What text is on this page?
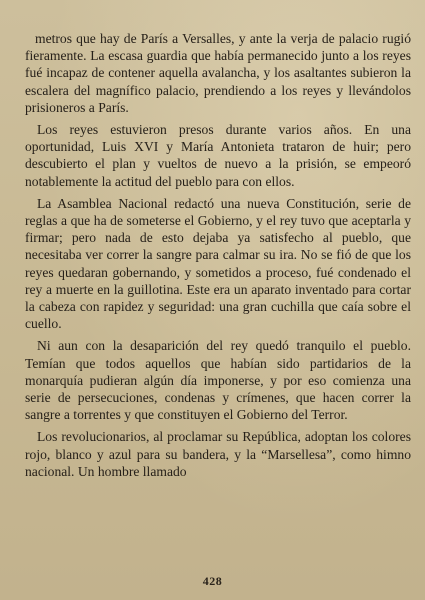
metros que hay de París a Versalles, y ante la verja de palacio rugió fieramente. La escasa guardia que había permanecido junto a los reyes fué incapaz de contener aquella avalancha, y los asaltantes subieron la escalera del magnífico palacio, prendiendo a los reyes y llevándolos prisioneros a París.

Los reyes estuvieron presos durante varios años. En una oportunidad, Luis XVI y María Antonieta trataron de huir; pero descubierto el plan y vueltos de nuevo a la prisión, se empeoró notablemente la actitud del pueblo para con ellos.

La Asamblea Nacional redactó una nueva Constitución, serie de reglas a que ha de someterse el Gobierno, y el rey tuvo que aceptarla y firmar; pero nada de esto dejaba ya satisfecho al pueblo, que necesitaba ver correr la sangre para calmar su ira. No se fió de que los reyes quedaran gobernando, y sometidos a proceso, fué condenado el rey a muerte en la guillotina. Este era un aparato inventado para cortar la cabeza con rapidez y seguridad: una gran cuchilla que caía sobre el cuello.

Ni aun con la desaparición del rey quedó tranquilo el pueblo. Temían que todos aquellos que habían sido partidarios de la monarquía pudieran algún día imponerse, y por eso comienza una serie de persecuciones, condenas y crímenes, que hacen correr la sangre a torrentes y que constituyen el Gobierno del Terror.

Los revolucionarios, al proclamar su República, adoptan los colores rojo, blanco y azul para su bandera, y la “Marsellesa”, como himno nacional. Un hombre llamado

428
